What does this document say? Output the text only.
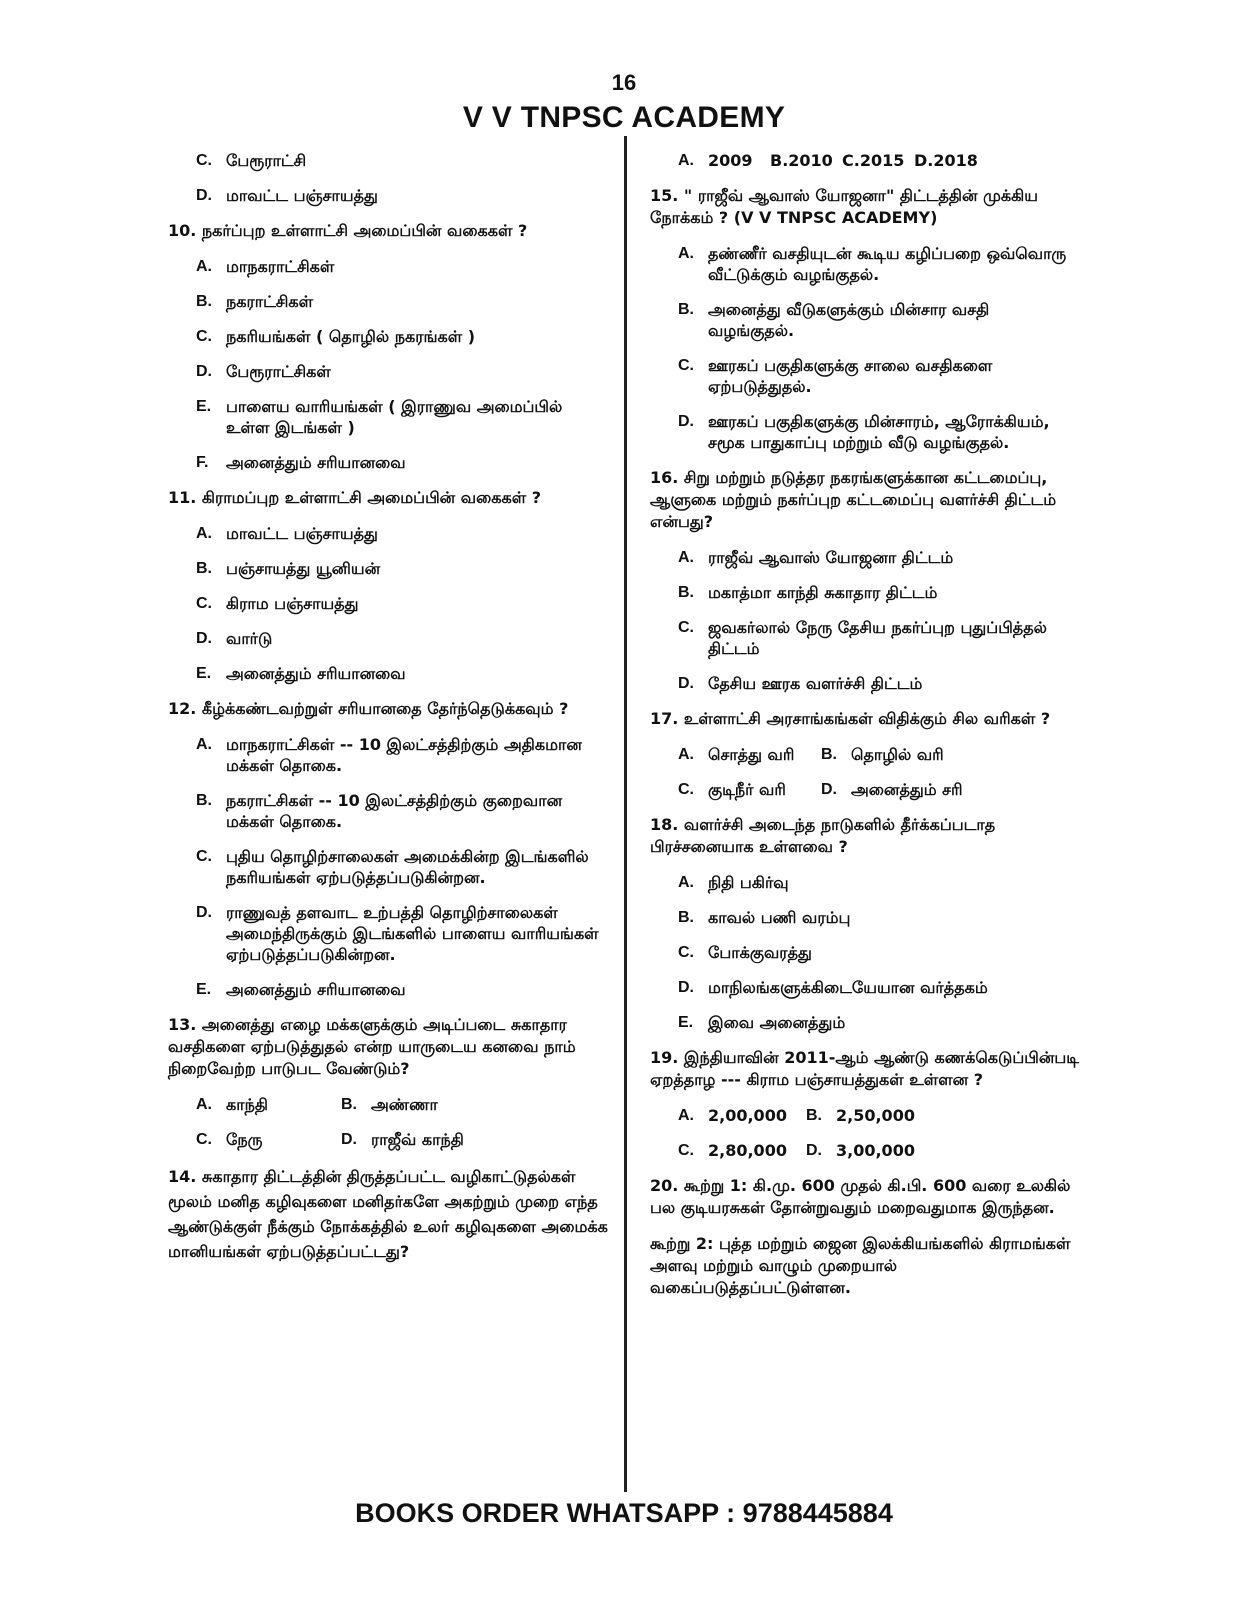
16
V V TNPSC ACADEMY
C. பேரூராட்சி
D. மாவட்ட பஞ்சாயத்து
10. நகர்ப்புற உள்ளாட்சி அமைப்பின் வகைகள் ?
A. மாநகராட்சிகள்
B. நகராட்சிகள்
C. நகரியங்கள் ( தொழில் நகரங்கள் )
D. பேரூராட்சிகள்
E. பாளைய வாரியங்கள் ( இராணுவ அமைப்பில் உள்ள இடங்கள் )
F.	அனைத்தும் சரியானவை
11. கிராமப்புற உள்ளாட்சி அமைப்பின் வகைகள் ?
A. மாவட்ட பஞ்சாயத்து
B. பஞ்சாயத்து யூனியன்
C. கிராம பஞ்சாயத்து
D. வார்டு
E. அனைத்தும் சரியானவை
12. கீழ்க்கண்டவற்றுள் சரியானதை தேர்ந்தெடுக்கவும் ?
A. மாநகராட்சிகள் -- 10 இலட்சத்திற்கும் அதிகமான மக்கள் தொகை.
B. நகராட்சிகள் -- 10 இலட்சத்திற்கும் குறைவான மக்கள் தொகை.
C. புதிய தொழிற்சாலைகள் அமைக்கின்ற இடங்களில் நகரியங்கள் ஏற்படுத்தப்படுகின்றன.
D. ராணுவத் தளவாட உற்பத்தி தொழிற்சாலைகள் அமைந்திருக்கும் இடங்களில் பாளைய வாரியங்கள் ஏற்படுத்தப்படுகின்றன.
E. அனைத்தும் சரியானவை
13. அனைத்து எழை மக்களுக்கும் அடிப்படை சுகாதார வசதிகளை ஏற்படுத்துதல் என்ற யாருடைய கனவை நாம் நிறைவேற்ற பாடுபட வேண்டும்?
A. காந்தி	B. அண்ணா
C. நேரு	D. ராஜீவ் காந்தி
14. சுகாதார திட்டத்தின் திருத்தப்பட்ட வழிகாட்டுதல்கள் மூலம் மனித கழிவுகளை மனிதர்களே அகற்றும் முறை எந்த ஆண்டுக்குள் நீக்கும் நோக்கத்தில் உலர் கழிவுகளை அமைக்க மானியங்கள் ஏற்படுத்தப்பட்டது?
A. 2009 B.2010 C.2015 D.2018
15. " ராஜீவ் ஆவாஸ் யோஜனா" திட்டத்தின் முக்கிய நோக்கம் ? (V V TNPSC ACADEMY)
A. தண்ணீர் வசதியுடன் கூடிய கழிப்பறை ஒவ்வொரு வீட்டுக்கும் வழங்குதல்.
B. அனைத்து வீடுகளுக்கும் மின்சார வசதி வழங்குதல்.
C. ஊரகப் பகுதிகளுக்கு சாலை வசதிகளை ஏற்படுத்துதல்.
D. ஊரகப் பகுதிகளுக்கு மின்சாரம், ஆரோக்கியம், சமூக பாதுகாப்பு மற்றும் வீடு வழங்குதல்.
16. சிறு மற்றும் நடுத்தர நகரங்களுக்கான கட்டமைப்பு, ஆளுகை மற்றும் நகர்ப்புற கட்டமைப்பு வளர்ச்சி திட்டம் என்பது?
A. ராஜீவ் ஆவாஸ் யோஜனா திட்டம்
B. மகாத்மா காந்தி சுகாதார திட்டம்
C. ஜவகர்லால் நேரு தேசிய நகர்ப்புற புதுப்பித்தல் திட்டம்
D. தேசிய ஊரக வளர்ச்சி திட்டம்
17. உள்ளாட்சி அரசாங்கங்கள் விதிக்கும் சில வரிகள் ?
A. சொத்து வரி B. தொழில் வரி
C. குடிநீர் வரி D. அனைத்தும் சரி
18. வளர்ச்சி அடைந்த நாடுகளில் தீர்க்கப்படாத பிரச்சனையாக உள்ளவை ?
A. நிதி பகிர்வு
B. காவல் பணி வரம்பு
C. போக்குவரத்து
D. மாநிலங்களுக்கிடையேயான வர்த்தகம்
E. இவை அனைத்தும்
19. இந்தியாவின் 2011-ஆம் ஆண்டு கணக்கெடுப்பின்படி ஏறத்தாழ --- கிராம பஞ்சாயத்துகள் உள்ளன ?
A. 2,00,000 B. 2,50,000
C. 2,80,000 D. 3,00,000
20. கூற்று 1: கி.மு. 600 முதல் கி.பி. 600 வரை உலகில் பல குடியரசுகள் தோன்றுவதும் மறைவதுமாக இருந்தன.
கூற்று 2: புத்த மற்றும் ஜைன இலக்கியங்களில் கிராமங்கள் அளவு மற்றும் வாழும் முறையால் வகைப்படுத்தப்பட்டுள்ளன.
BOOKS ORDER WHATSAPP : 9788445884
